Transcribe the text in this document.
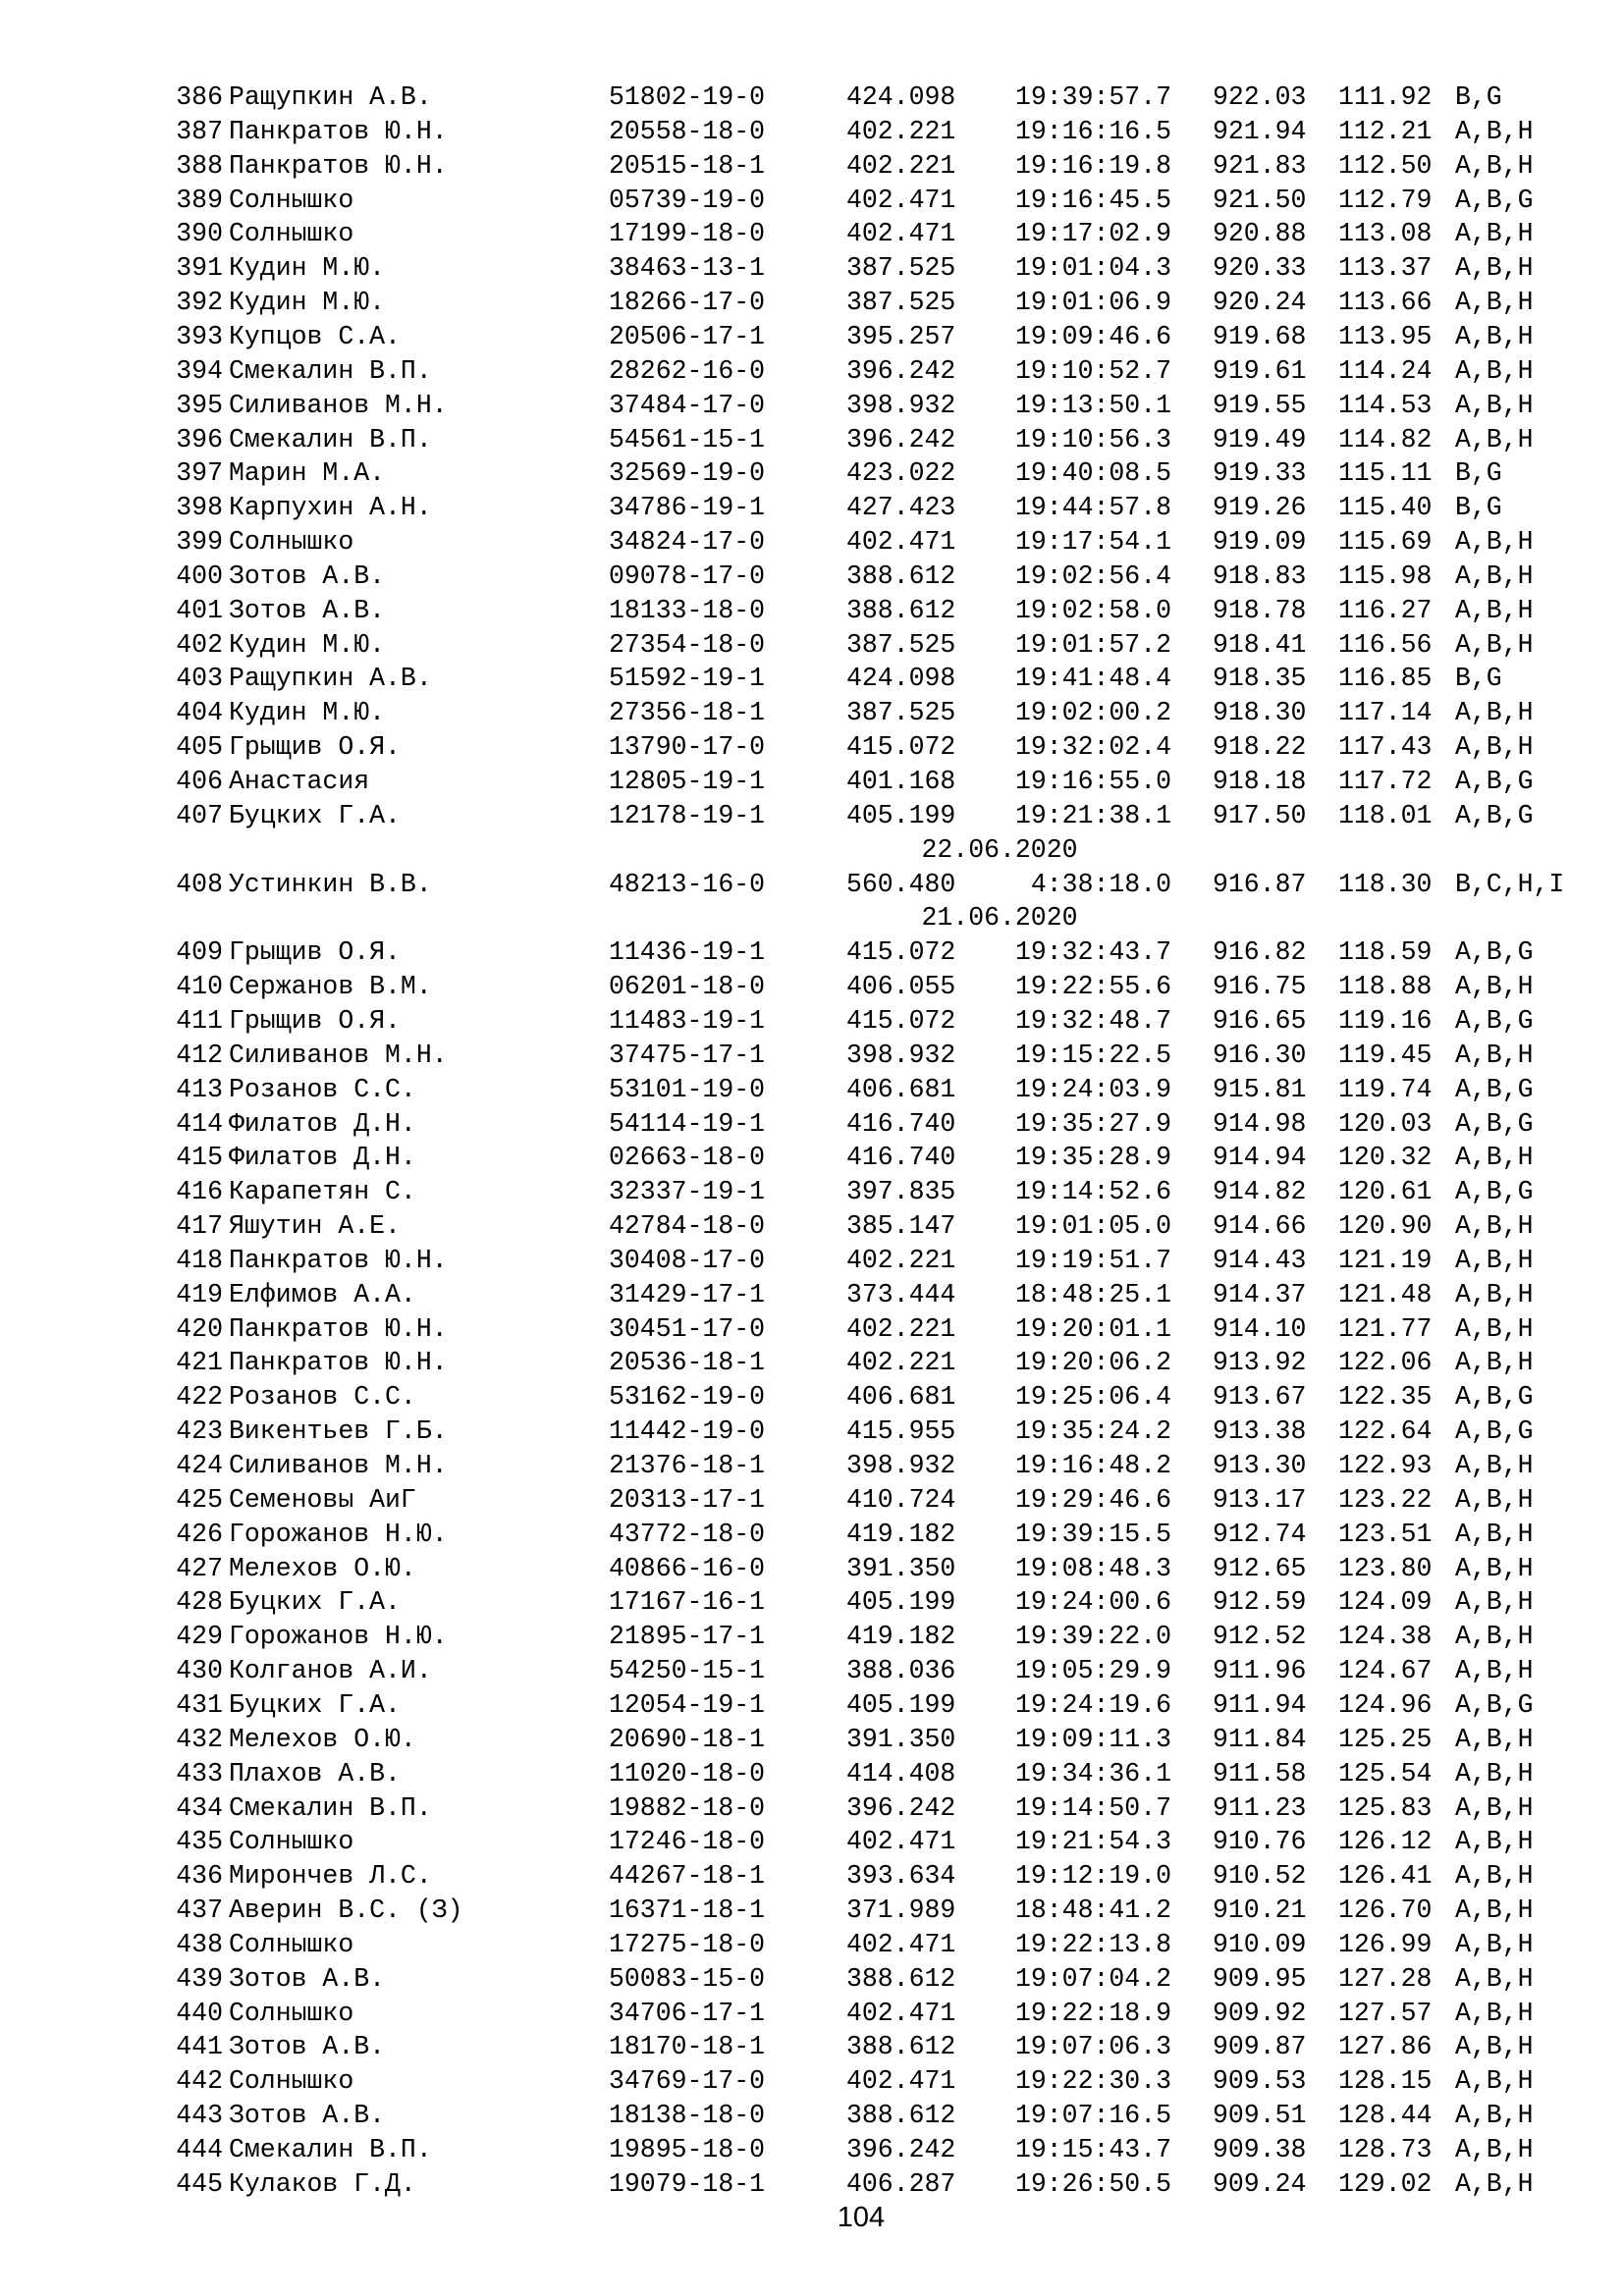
386 Ращупкин А.В.	51802-19-0	424.098	19:39:57.7 922.03 111.92 B,G
387 Панкратов Ю.Н.	20558-18-0	402.221	19:16:16.5 921.94 112.21 A,B,H
388 Панкратов Ю.Н.	20515-18-1	402.221	19:16:19.8 921.83 112.50 A,B,H
389 Солнышко	05739-19-0	402.471	19:16:45.5 921.50 112.79 A,B,G
390 Солнышко	17199-18-0	402.471	19:17:02.9 920.88 113.08 A,B,H
391 Кудин М.Ю.	38463-13-1	387.525	19:01:04.3 920.33 113.37 A,B,H
392 Кудин М.Ю.	18266-17-0	387.525	19:01:06.9 920.24 113.66 A,B,H
393 Купцов С.А.	20506-17-1	395.257	19:09:46.6 919.68 113.95 A,B,H
394 Смекалин В.П.	28262-16-0	396.242	19:10:52.7 919.61 114.24 A,B,H
395 Силиванов М.Н.	37484-17-0	398.932	19:13:50.1 919.55 114.53 A,B,H
396 Смекалин В.П.	54561-15-1	396.242	19:10:56.3 919.49 114.82 A,B,H
397 Марин М.А.	32569-19-0	423.022	19:40:08.5 919.33 115.11 B,G
398 Карпухин А.Н.	34786-19-1	427.423	19:44:57.8 919.26 115.40 B,G
399 Солнышко	34824-17-0	402.471	19:17:54.1 919.09 115.69 A,B,H
400 Зотов А.В.	09078-17-0	388.612	19:02:56.4 918.83 115.98 A,B,H
401 Зотов А.В.	18133-18-0	388.612	19:02:58.0 918.78 116.27 A,B,H
402 Кудин М.Ю.	27354-18-0	387.525	19:01:57.2 918.41 116.56 A,B,H
403 Ращупкин А.В.	51592-19-1	424.098	19:41:48.4 918.35 116.85 B,G
404 Кудин М.Ю.	27356-18-1	387.525	19:02:00.2 918.30 117.14 A,B,H
405 Грыщив О.Я.	13790-17-0	415.072	19:32:02.4 918.22 117.43 A,B,H
406 Анастасия	12805-19-1	401.168	19:16:55.0 918.18 117.72 A,B,G
407 Буцких Г.А.	12178-19-1	405.199	19:21:38.1 917.50 118.01 A,B,G
22.06.2020
408 Устинкин В.В.	48213-16-0	560.480	4:38:18.0 916.87 118.30 B,C,H,I
21.06.2020
409 Грыщив О.Я.	11436-19-1	415.072	19:32:43.7 916.82 118.59 A,B,G
410 Сержанов В.М.	06201-18-0	406.055	19:22:55.6 916.75 118.88 A,B,H
411 Грыщив О.Я.	11483-19-1	415.072	19:32:48.7 916.65 119.16 A,B,G
412 Силиванов М.Н.	37475-17-1	398.932	19:15:22.5 916.30 119.45 A,B,H
413 Розанов С.С.	53101-19-0	406.681	19:24:03.9 915.81 119.74 A,B,G
414 Филатов Д.Н.	54114-19-1	416.740	19:35:27.9 914.98 120.03 A,B,G
415 Филатов Д.Н.	02663-18-0	416.740	19:35:28.9 914.94 120.32 A,B,H
416 Карапетян С.	32337-19-1	397.835	19:14:52.6 914.82 120.61 A,B,G
417 Яшутин А.Е.	42784-18-0	385.147	19:01:05.0 914.66 120.90 A,B,H
418 Панкратов Ю.Н.	30408-17-0	402.221	19:19:51.7 914.43 121.19 A,B,H
419 Елфимов А.А.	31429-17-1	373.444	18:48:25.1 914.37 121.48 A,B,H
420 Панкратов Ю.Н.	30451-17-0	402.221	19:20:01.1 914.10 121.77 A,B,H
421 Панкратов Ю.Н.	20536-18-1	402.221	19:20:06.2 913.92 122.06 A,B,H
422 Розанов С.С.	53162-19-0	406.681	19:25:06.4 913.67 122.35 A,B,G
423 Викентьев Г.Б.	11442-19-0	415.955	19:35:24.2 913.38 122.64 A,B,G
424 Силиванов М.Н.	21376-18-1	398.932	19:16:48.2 913.30 122.93 A,B,H
425 Семеновы АиГ	20313-17-1	410.724	19:29:46.6 913.17 123.22 A,B,H
426 Горожанов Н.Ю.	43772-18-0	419.182	19:39:15.5 912.74 123.51 A,B,H
427 Мелехов О.Ю.	40866-16-0	391.350	19:08:48.3 912.65 123.80 A,B,H
428 Буцких Г.А.	17167-16-1	405.199	19:24:00.6 912.59 124.09 A,B,H
429 Горожанов Н.Ю.	21895-17-1	419.182	19:39:22.0 912.52 124.38 A,B,H
430 Колганов А.И.	54250-15-1	388.036	19:05:29.9 911.96 124.67 A,B,H
431 Буцких Г.А.	12054-19-1	405.199	19:24:19.6 911.94 124.96 A,B,G
432 Мелехов О.Ю.	20690-18-1	391.350	19:09:11.3 911.84 125.25 A,B,H
433 Плахов А.В.	11020-18-0	414.408	19:34:36.1 911.58 125.54 A,B,H
434 Смекалин В.П.	19882-18-0	396.242	19:14:50.7 911.23 125.83 A,B,H
435 Солнышко	17246-18-0	402.471	19:21:54.3 910.76 126.12 A,B,H
436 Мирончев Л.С.	44267-18-1	393.634	19:12:19.0 910.52 126.41 A,B,H
437 Аверин В.С. (З)	16371-18-1	371.989	18:48:41.2 910.21 126.70 A,B,H
438 Солнышко	17275-18-0	402.471	19:22:13.8 910.09 126.99 A,B,H
439 Зотов А.В.	50083-15-0	388.612	19:07:04.2 909.95 127.28 A,B,H
440 Солнышко	34706-17-1	402.471	19:22:18.9 909.92 127.57 A,B,H
441 Зотов А.В.	18170-18-1	388.612	19:07:06.3 909.87 127.86 A,B,H
442 Солнышко	34769-17-0	402.471	19:22:30.3 909.53 128.15 A,B,H
443 Зотов А.В.	18138-18-0	388.612	19:07:16.5 909.51 128.44 A,B,H
444 Смекалин В.П.	19895-18-0	396.242	19:15:43.7 909.38 128.73 A,B,H
445 Кулаков Г.Д.	19079-18-1	406.287	19:26:50.5 909.24 129.02 A,B,H
104
